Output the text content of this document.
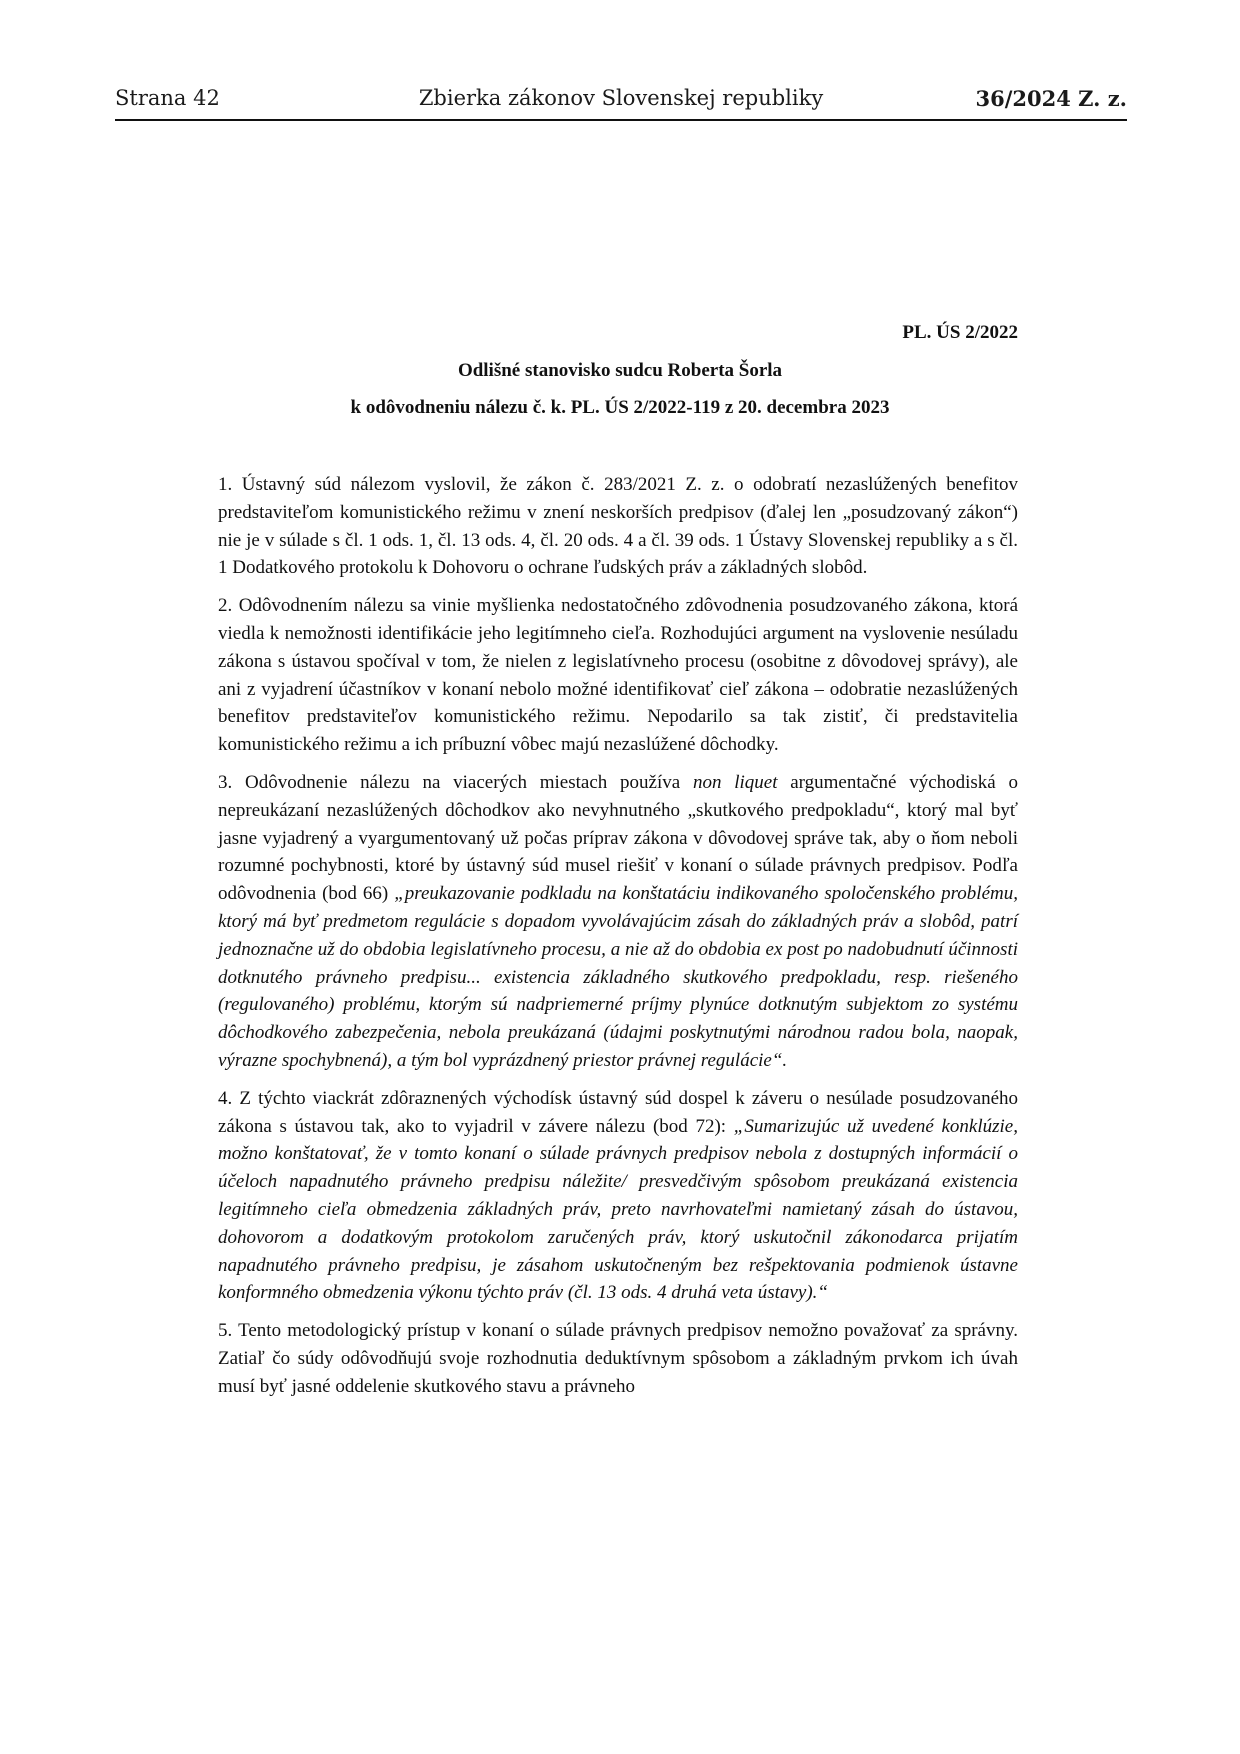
Strana 42	Zbierka zákonov Slovenskej republiky	36/2024 Z. z.
PL. ÚS 2/2022
Odlišné stanovisko sudcu Roberta Šorla
k odôvodneniu nálezu č. k. PL. ÚS 2/2022-119 z 20. decembra 2023

1. Ústavný súd nálezom vyslovil, že zákon č. 283/2021 Z. z. o odobratí nezaslúžených benefitov predstaviteľom komunistického režimu v znení neskorších predpisov (ďalej len „posudzovaný zákon“) nie je v súlade s čl. 1 ods. 1, čl. 13 ods. 4, čl. 20 ods. 4 a čl. 39 ods. 1 Ústavy Slovenskej republiky a s čl. 1 Dodatkového protokolu k Dohovoru o ochrane ľudských práv a základných slobôd.

2. Odôvodnením nálezu sa vinie myšlienka nedostatočného zdôvodnenia posudzovaného zákona, ktorá viedla k nemožnosti identifikácie jeho legitímneho cieľa. Rozhodujúci argument na vyslovenie nesúladu zákona s ústavou spočíval v tom, že nielen z legislatívneho procesu (osobitne z dôvodovej správy), ale ani z vyjadrení účastníkov v konaní nebolo možné identifikovať cieľ zákona – odobratie nezaslúžených benefitov predstaviteľov komunistického režimu. Nepodarilo sa tak zistiť, či predstavitelia komunistického režimu a ich príbuzní vôbec majú nezaslúžené dôchodky.

3. Odôvodnenie nálezu na viacerých miestach používa non liquet argumentačné východiská o nepreukázaní nezaslúžených dôchodkov ako nevyhnutného „skutkového predpokladu“, ktorý mal byť jasne vyjadrený a vyargumentovaný už počas príprav zákona v dôvodovej správe tak, aby o ňom neboli rozumné pochybnosti, ktoré by ústavný súd musel riešiť v konaní o súlade právnych predpisov. Podľa odôvodnenia (bod 66) „preukazovanie podkladu na konštatáciu indikovaného spoločenského problému, ktorý má byť predmetom regulácie s dopadom vyvolávajúcim zásah do základných práv a slobôd, patrí jednoznačne už do obdobia legislatívneho procesu, a nie až do obdobia ex post po nadobudnutí účinnosti dotknutého právneho predpisu... existencia základného skutkového predpokladu, resp. riešeného (regulovaného) problému, ktorým sú nadpriemerné príjmy plynúce dotknutým subjektom zo systému dôchodkového zabezpečenia, nebola preukázaná (údajmi poskytnutými národnou radou bola, naopak, výrazne spochybnená), a tým bol vyprázdnený priestor právnej regulácie“.

4. Z týchto viackrát zdôraznených východísk ústavný súd dospel k záveru o nesúlade posudzovaného zákona s ústavou tak, ako to vyjadril v závere nálezu (bod 72): „Sumarizujúc už uvedené konklúzie, možno konštatovať, že v tomto konaní o súlade právnych predpisov nebola z dostupných informácií o účeloch napadnutého právneho predpisu náležite/ presvedčivým spôsobom preukázaná existencia legitímneho cieľa obmedzenia základných práv, preto navrhovateľmi namietaný zásah do ústavou, dohovorom a dodatkovým protokolom zaručených práv, ktorý uskutočnil zákonodarca prijatím napadnutého právneho predpisu, je zásahom uskutočneným bez rešpektovania podmienok ústavne konformného obmedzenia výkonu týchto práv (čl. 13 ods. 4 druhá veta ústavy).“

5. Tento metodologický prístup v konaní o súlade právnych predpisov nemožno považovať za správny. Zatiaľ čo súdy odôvodňujú svoje rozhodnutia deduktívnym spôsobom a základným prvkom ich úvah musí byť jasné oddelenie skutkového stavu a právneho
